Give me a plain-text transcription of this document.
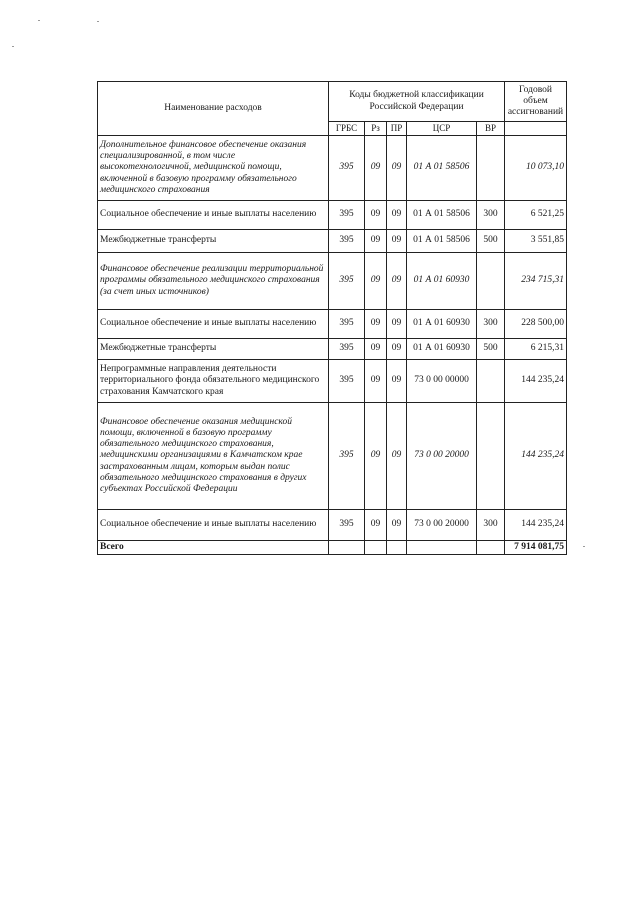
Наименование расходов	Коды бюджетной классификации Российской Федерации					Годовой объем ассигнований
	ГРБС	Рз	ПР	ЦСР	ВР	
Дополнительное финансовое обеспечение оказания специализированной, в том числе высокотехнологичной, медицинской помощи, включенной в базовую программу обязательного медицинского страхования	395	09	09	01 А 01 58506		10 073,10
Социальное обеспечение и иные выплаты населению	395	09	09	01 А 01 58506	300	6 521,25
Межбюджетные трансферты	395	09	09	01 А 01 58506	500	3 551,85
Финансовое обеспечение реализации территориальной программы обязательного медицинского страхования (за счет иных источников)	395	09	09	01 А 01 60930		234 715,31
Социальное обеспечение и иные выплаты населению	395	09	09	01 А 01 60930	300	228 500,00
Межбюджетные трансферты	395	09	09	01 А 01 60930	500	6 215,31
Непрограммные направления деятельности территориального фонда обязательного медицинского страхования Камчатского края	395	09	09	73 0 00 00000		144 235,24
Финансовое обеспечение оказания медицинской помощи, включенной в базовую программу обязательного медицинского страхования, медицинскими организациями в Камчатском крае застрахованным лицам, которым выдан полис обязательного медицинского страхования в других субъектах Российской Федерации	395	09	09	73 0 00 20000		144 235,24
Социальное обеспечение и иные выплаты населению	395	09	09	73 0 00 20000	300	144 235,24
Всего						7 914 081,75
